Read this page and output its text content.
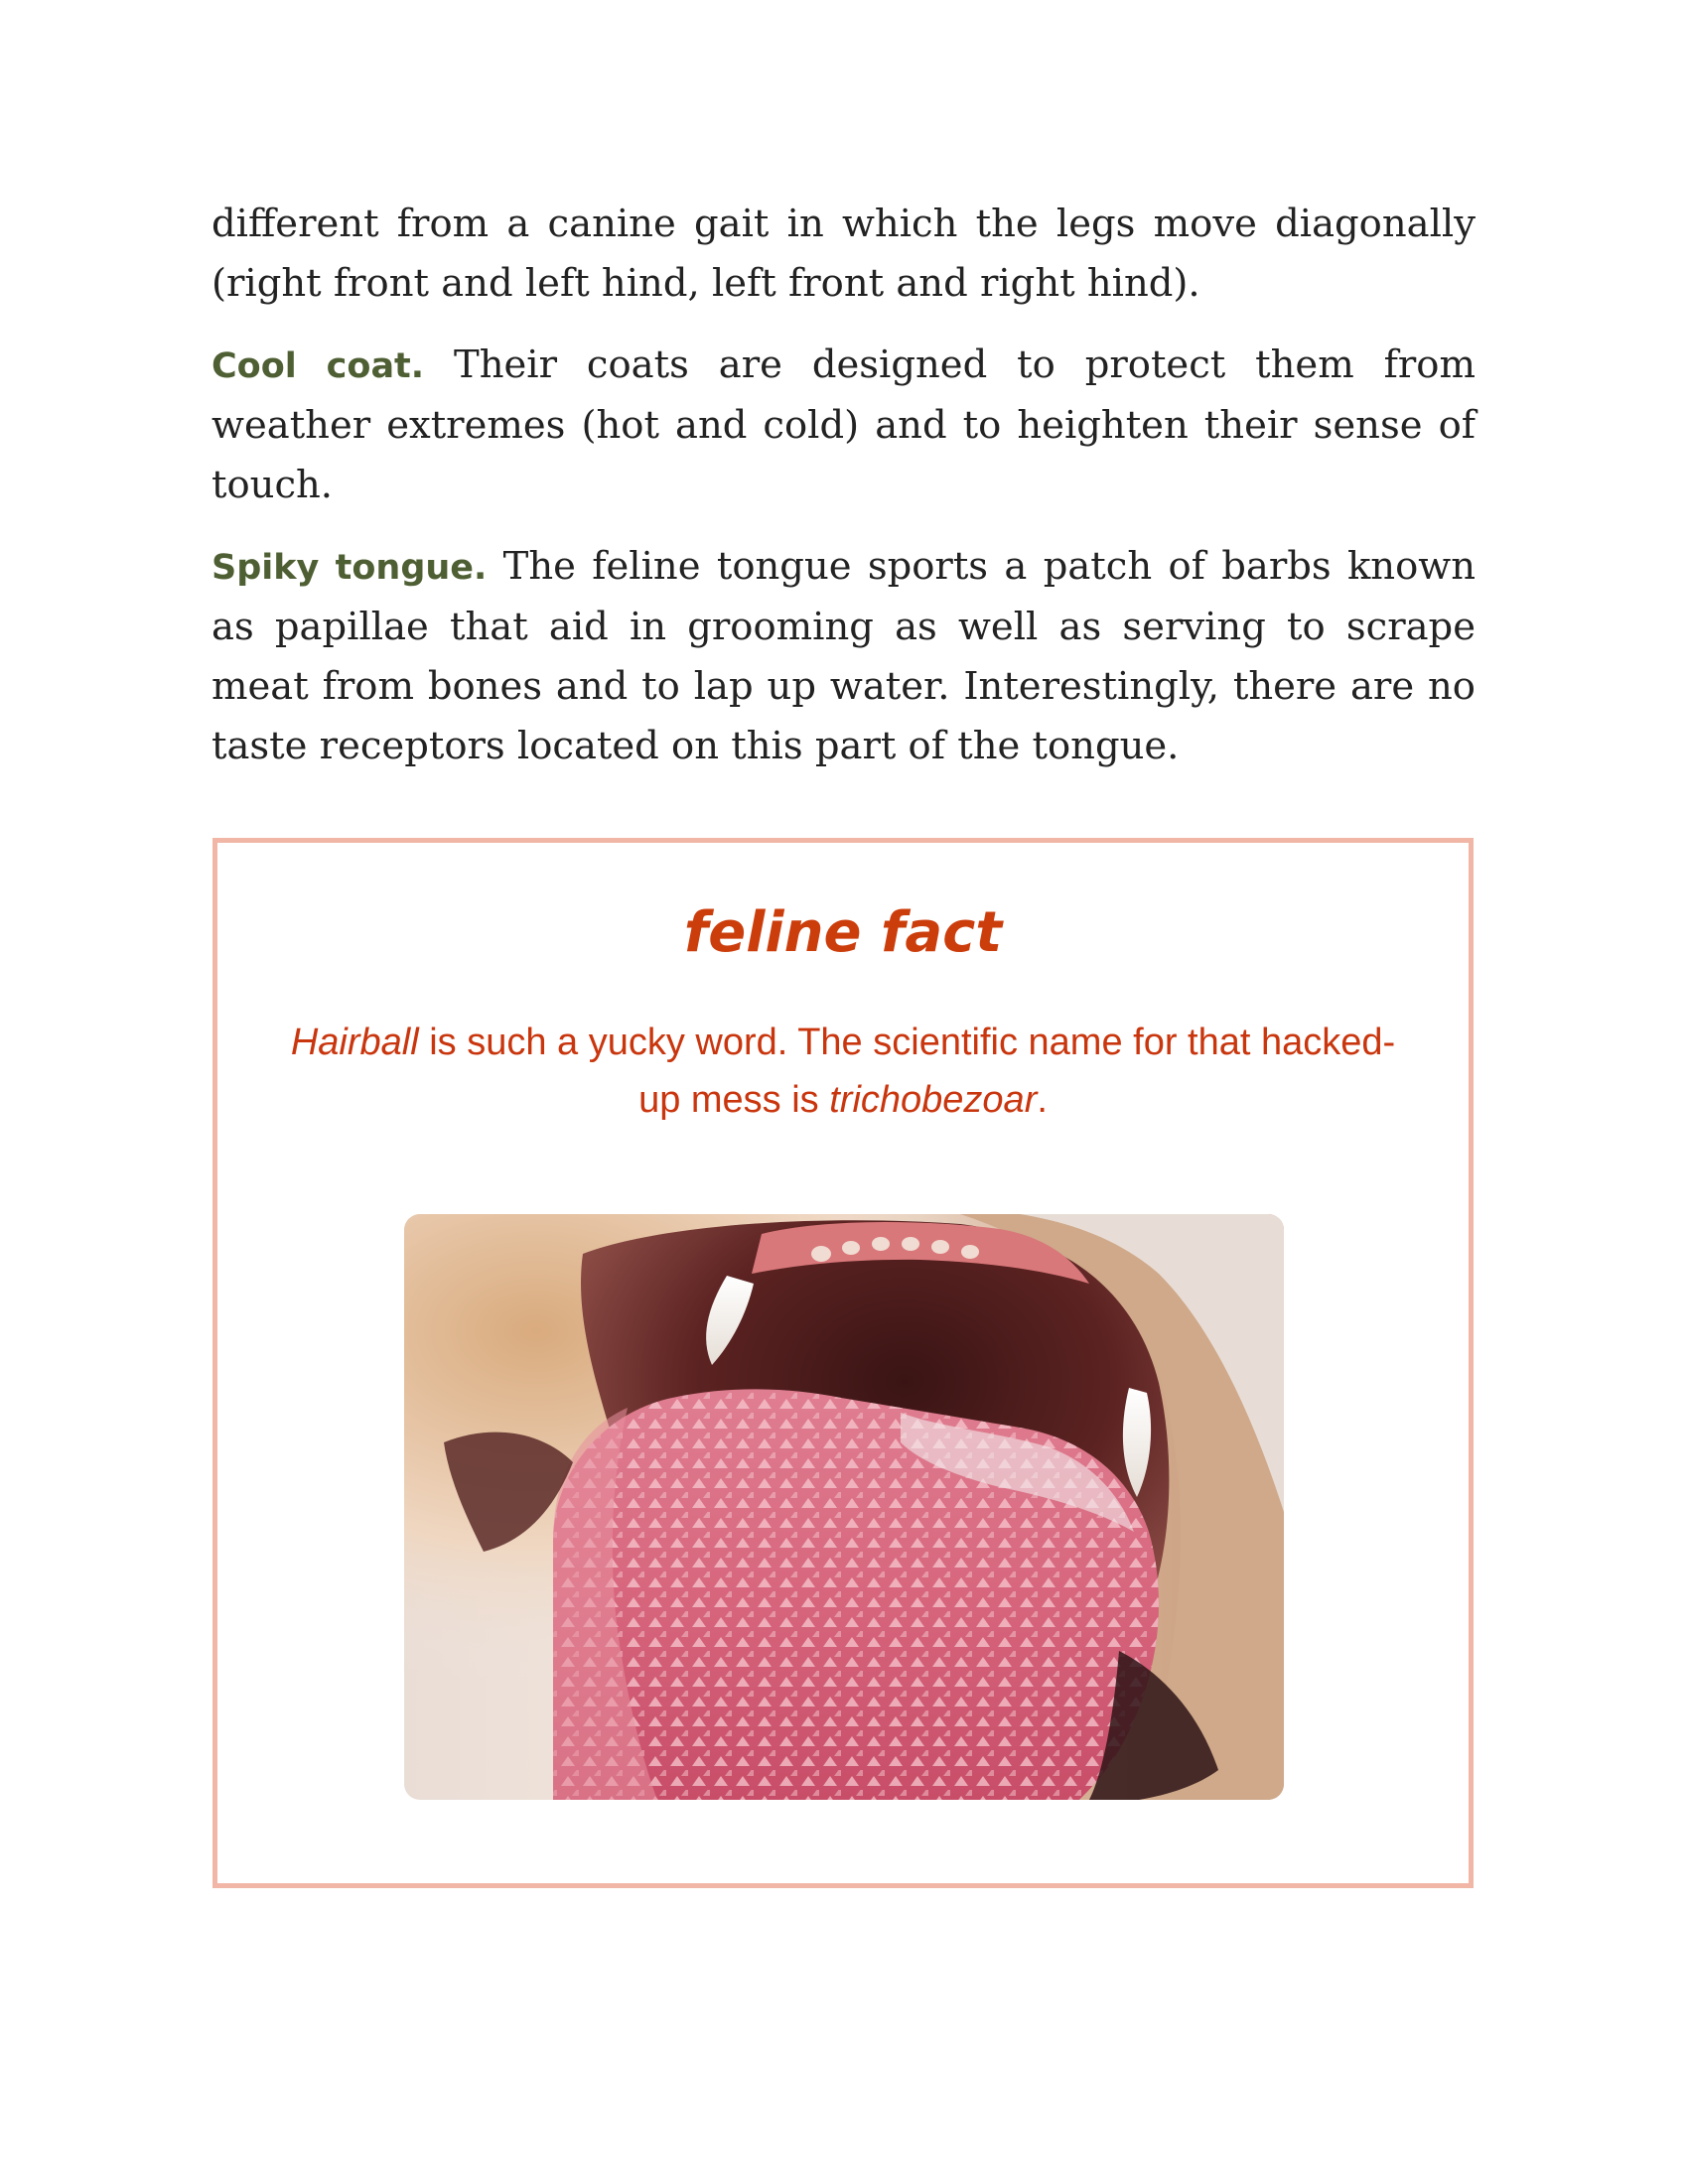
different from a canine gait in which the legs move diagonally (right front and left hind, left front and right hind).

Cool coat. Their coats are designed to protect them from weather extremes (hot and cold) and to heighten their sense of touch.

Spiky tongue. The feline tongue sports a patch of barbs known as papillae that aid in grooming as well as serving to scrape meat from bones and to lap up water. Interestingly, there are no taste receptors located on this part of the tongue.

feline fact
Hairball is such a yucky word. The scientific name for that hacked-up mess is trichobezoar.
